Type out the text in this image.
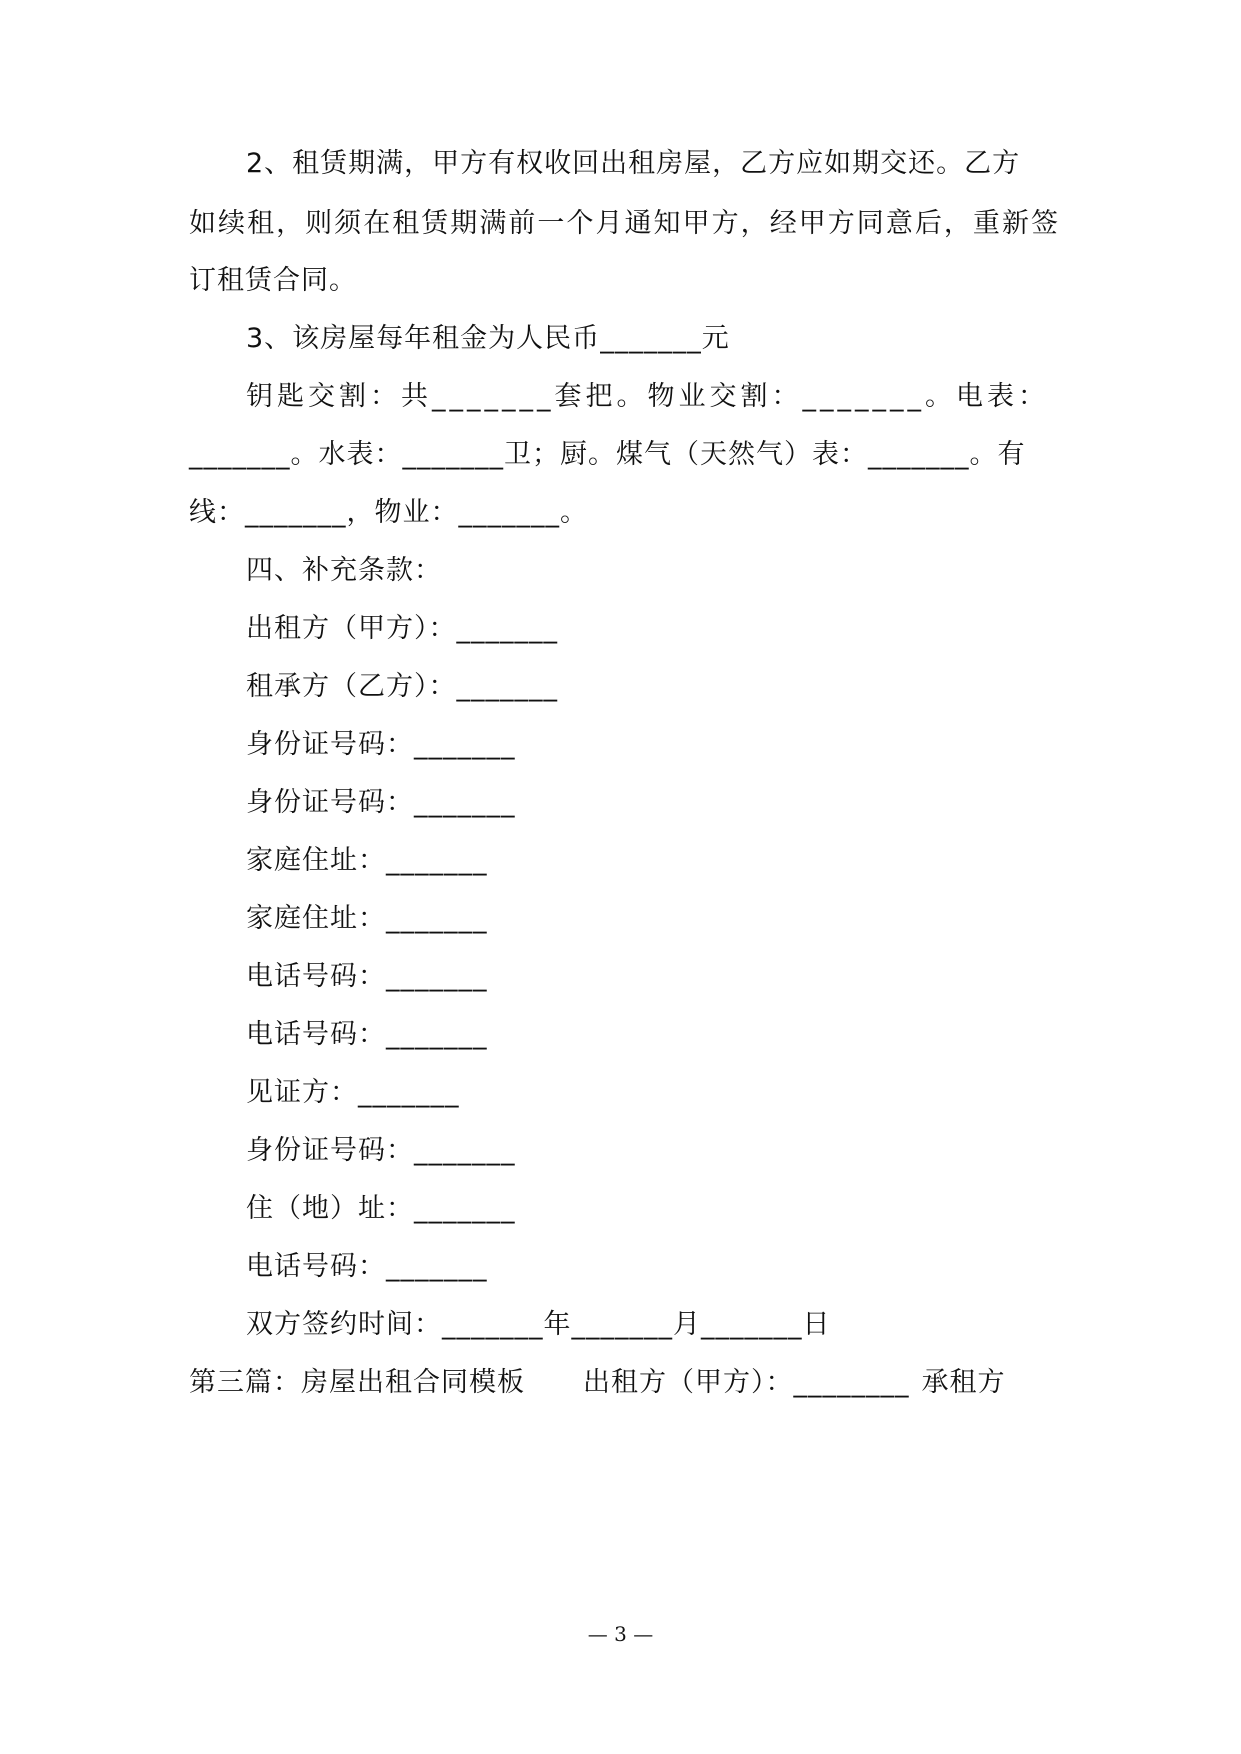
2、租赁期满，甲方有权收回出租房屋，乙方应如期交还。乙方
如续租，则须在租赁期满前一个月通知甲方，经甲方同意后，重新签
订租赁合同。
3、该房屋每年租金为人民币_______元
钥匙交割：共_______套把。物业交割：_______。电表：
_______。水表：_______卫；厨。煤气（天然气）表：_______。有
线：_______，物业：_______。
四、补充条款：
出租方（甲方）：_______
租承方（乙方）：_______
身份证号码：_______
身份证号码：_______
家庭住址：_______
家庭住址：_______
电话号码：_______
电话号码：_______
见证方：_______
身份证号码：_______
住（地）址：_______
电话号码：_______
双方签约时间：_______年_______月_______日
第三篇：房屋出租合同模板 出租方（甲方）：________ 承租方
— 3 —
